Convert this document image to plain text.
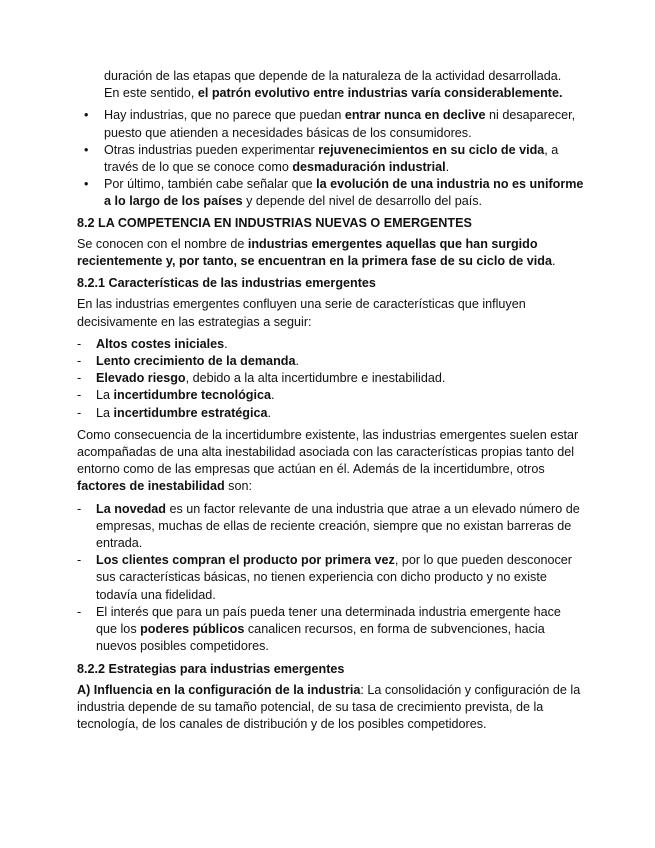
duración de las etapas que depende de la naturaleza de la actividad desarrollada.
En este sentido, el patrón evolutivo entre industrias varía considerablemente.

• Hay industrias, que no parece que puedan entrar nunca en declive ni desaparecer, puesto que atienden a necesidades básicas de los consumidores.
• Otras industrias pueden experimentar rejuvenecimientos en su ciclo de vida, a través de lo que se conoce como desmaduración industrial.
• Por último, también cabe señalar que la evolución de una industria no es uniforme a lo largo de los países y depende del nivel de desarrollo del país.
8.2 LA COMPETENCIA EN INDUSTRIAS NUEVAS O EMERGENTES

Se conocen con el nombre de industrias emergentes aquellas que han surgido recientemente y, por tanto, se encuentran en la primera fase de su ciclo de vida.

8.2.1 Características de las industrias emergentes

En las industrias emergentes confluyen una serie de características que influyen decisivamente en las estrategias a seguir:

- Altos costes iniciales.
- Lento crecimiento de la demanda.
- Elevado riesgo, debido a la alta incertidumbre e inestabilidad.
- La incertidumbre tecnológica.
- La incertidumbre estratégica.

Como consecuencia de la incertidumbre existente, las industrias emergentes suelen estar acompañadas de una alta inestabilidad asociada con las características propias tanto del entorno como de las empresas que actúan en él. Además de la incertidumbre, otros factores de inestabilidad son:

- La novedad es un factor relevante de una industria que atrae a un elevado número de empresas, muchas de ellas de reciente creación, siempre que no existan barreras de entrada.
- Los clientes compran el producto por primera vez, por lo que pueden desconocer sus características básicas, no tienen experiencia con dicho producto y no existe todavía una fidelidad.
- El interés que para un país pueda tener una determinada industria emergente hace que los poderes públicos canalicen recursos, en forma de subvenciones, hacia nuevos posibles competidores.
8.2.2 Estrategias para industrias emergentes

A) Influencia en la configuración de la industria: La consolidación y configuración de la industria depende de su tamaño potencial, de su tasa de crecimiento prevista, de la tecnología, de los canales de distribución y de los posibles competidores.
